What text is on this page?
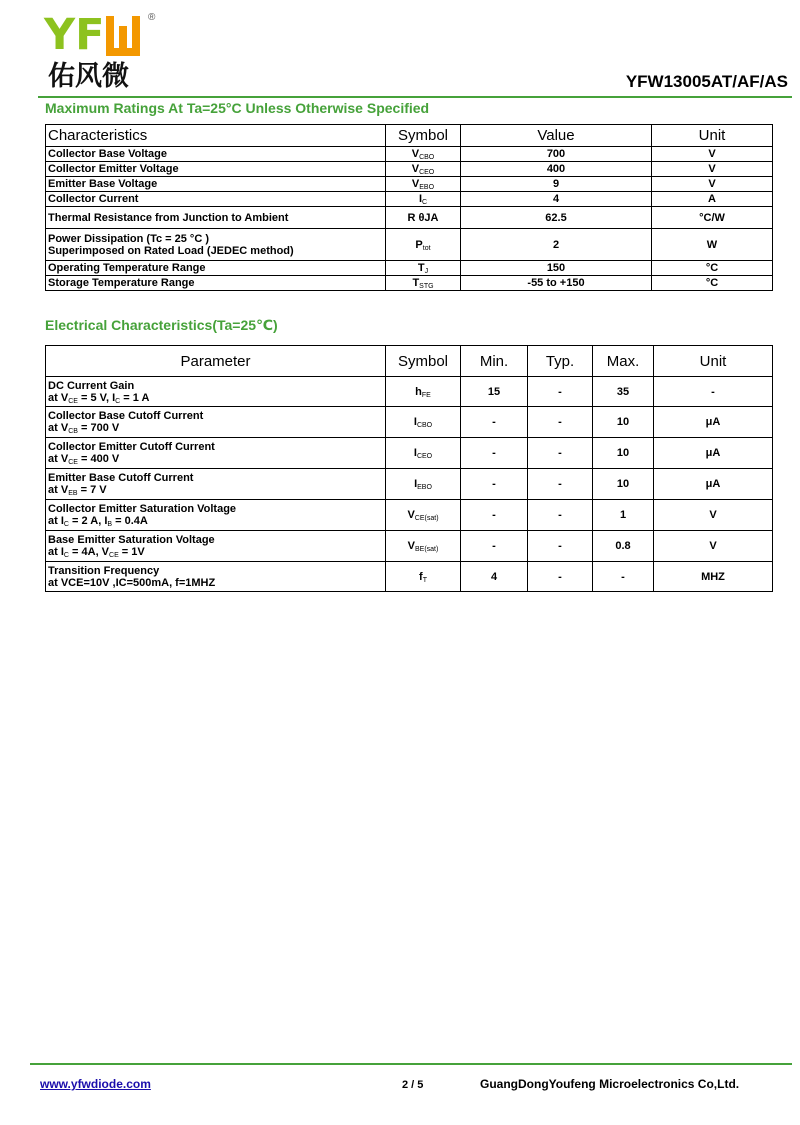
Y F	®
佑风微	YFW13005AT/AF/AS
Maximum Ratings At Ta=25°C Unless Otherwise Specified
Characteristics	Symbol	Value	Unit
Collector Base Voltage	$V_{CBO}$	700	V
Collector Emitter Voltage	$V_{CEO}$	400	V
Emitter Base Voltage	$V_{EBO}$	9	V
Collector Current	$I_C$	4	A
Thermal Resistance from Junction to Ambient	R θJA	62.5	°C/W

Power Dissipation (Tc = 25 °C )
Superimposed on Rated Load (JEDEC method)	$P_{tot}$	2	W
Operating Temperature Range	$T_J$	150	°C
Storage Temperature Range	$T_{STG}$	-55 to +150	°C
Electrical Characteristics(Ta=25℃)
Parameter	Symbol	Min.	Typ.	Max.	Unit

DC Current Gain
at $V_{CE} = 5$ V, $I_C = 1$ A	$h_{FE}$	15	-	35	-

Collector Base Cutoff Current
at $V_{CB} = 700$ V	$I_{CBO}$	-	-	10	μA

Collector Emitter Cutoff Current
at $V_{CE} = 400$ V	$I_{CEO}$	-	-	10	μA

Emitter Base Cutoff Current
at $V_{EB} = 7$ V	$I_{EBO}$	-	-	10	μA

Collector Emitter Saturation Voltage
at $I_C = 2$ A, $I_B = 0.4A$	$V_{CE(sat)}$	-	-	1	V

Base Emitter Saturation Voltage
at $I_C = 4A$, $V_{CE} = 1V$	$V_{BE(sat)}$	-	-	0.8	V

Transition Frequency
at VCE=10V ,IC=500mA, f=1MHZ	$f_T$	4	-	-	MHZ
www.yfwdiode.com	2 / 5	GuangDongYoufeng Microelectronics Co,Ltd.
